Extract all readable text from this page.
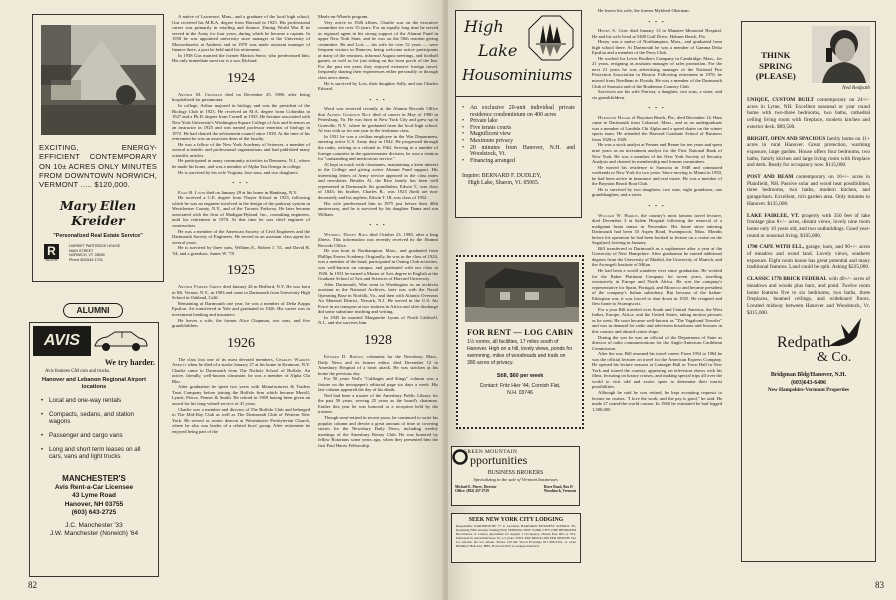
EXCITING, ENERGY-EFFICIENT CONTEMPORARY ON 10± ACRES ONLY MINUTES FROM DOWNTOWN NORWICH, VERMONT ..... $120,000.
Mary Ellen Kreider
"Personalized Real Estate Service"
R
REALTOR
HARRIET PARTRIDGE HOUSE
MAIN STREET
NORWICH, VT. 05055
Phone 802/649-1704
ALUMNI
AVIS
We try harder.
Avis features GM cars and trucks.
Hanover and Lebanon Regional Airport locations
• Local and one-way rentals
• Compacts, sedans, and station wagons
• Passenger and cargo vans
• Long and short term leases on all cars, vans and light trucks
MANCHESTER'S
Avis Rent-a-Car Licensee
43 Lyme Road
Hanover, NH 03755
(603) 643-2725
J.C. Manchester '33
J.W. Manchester (Norwich) '64
82

A native of Lawrence, Mass., and a graduate of the local high school, Gus received his M.B.A. degree from Harvard in 1925. His professional career was primarily in retailing and finance. During World War II he served in the Army for four years, during which he became a captain. In 1950 he was appointed university store manager at the University of Massachusetts at Amherst and in 1970 was made assistant manager of finance there, a post he held until his retirement.

In 1938 Gus married the former Marion Snow, who predeceased him. His only immediate survivor is a son, Richard.

1924

Arthur M. Crosman died on December 25, 1980, after being hospitalized for pneumonia.

In college, Arthur majored in biology and was the president of the Biology Club in 1923. He received an M.A. degree from Columbia in 1927 and a Ph.D. degree from Cornell in 1935. He became associated with New York University's Washington Square College of Arts and Sciences as an instructor in 1925 and was named professor emeritus of biology in 1972. He had chaired the advisement council since 1938. At the time of his retirement he was an associate dean of the faculty.

He was a fellow of the New York Academy of Sciences, a member of several scientific and professional organizations and had published many scientific articles.

He participated in many community activities in Demarest, N.J., where he made his home, and was a member of Alpha Tau Omega in college.

He is survived by his wife Virginia, four sons, and two daughters.

• • •

Evan B. Lyon died on January 29 at his home in Hamburg, N.Y.

He received a C.E. degree from Thayer School in 1925, following which he was an engineer involved in the design of the parkway system in Westchester County, N.Y., and of the Taconic Parkway. He later became associated with the firm of Madigan-Hyland, Inc., consulting engineers, until his retirement in 1970. At that time he was chief engineer of construction.

He was a member of the American Society of Civil Engineers and the Dartmouth Society of Engineers. He served as an assistant class agent for several years.

He is survived by three sons, William E., Robert J. '51, and David B. '54, and a grandson, James W. '78.

1925

Arthur Furber Green died January 26 in Bedford, N.Y. He was born in Mt. Vernon, N.Y., in 1903 and came to Dartmouth from University High School in Oakland, Calif.

Remaining at Dartmouth one year, he was a member of Delta Kappa Epsilon. Art transferred to Yale and graduated in 1926. His career was in investment banking and insurance.

He leaves a wife, the former Alice Chapman, two sons, and five grandchildren.

1926

The class lost one of its most devoted members, Charles Warren Abbott when he died of a stroke January 27 at his home in Kenmore, N.Y. Charlie came to Dartmouth from The Nichols School of Buffalo. An active, friendly, well-known classmate, he was a member of Alpha Chi Rho.

After graduation he spent two years with Manufacturers & Traders Trust Company before joining the Buffalo firm which became Merrill, Lynch, Pierce, Fenner & Smith. He retired in 1969 having been given an award for his long-valued service of 41 years.

Charlie was a member and director of The Buffalo Club and belonged to The Mid-Day Club as well as The Dartmouth Club of Western New York. He served as senior deacon at Westminster Presbyterian Church, where he also was leader of a related boys' group. After retirement he enjoyed being part of the

Meals-on-Wheels program.

Very active in 1926 affairs, Charlie was on the executive committee for over 15 years. For an equally long time he served as regional agent in his strong support of the Alumni Fund in upper New York State, and he was on the 50th reunion giving committee. He and Lois — his wife for over 52 years — were frequent visitors in Hanover, being welcome active participants at many of the reunions, informal August meetings, and football games, as well as for just sitting on the front porch of the Inn. For the past ten years they enjoyed extensive foreign travel, frequently sharing their experiences either personally or through class news items.

He is survived by Lois, their daughter Sally, and son Charles Edward.

• • •

Word was received recently at the Alumni Records Office that Alfred Goodson Rice died of cancer in May of 1980 in Petersburg, Va. He was born in New York City and grew up in Granville, N.Y., where he graduated from the local high school. Al was with us for one year in the freshman class.

In 1931 he was a civilian employee in the War Department, entering active U.S. Army duty in 1942. He progressed through the ranks, retiring as a colonel in 1962. Serving in a number of foreign countries in the quartermaster division, he won a citation for "outstanding and meritorious service."

Al kept in touch with classmates, maintaining a keen interest in the College and giving active Alumni Fund support. His interesting letters of Army service appeared in the class notes and newsletter. Besides Al, the Rice family has been well represented at Dartmouth: his grandfather, Edwin T., was class of 1843; his brother, Charles B., was 1923 (both are now deceased); and his nephew, Edwin T. III, was class of 1952.

His wife predeceased him in 1975 just before their 40th anniversary, and he is survived by his daughter Dama and son William.

• • •

Wendell Dewey Ross died October 23, 1980, after a long illness. This information was recently received by the Alumni Records Office.

He was born in Northampton, Mass., and graduated from Phillips Exeter Academy. Originally, he was in the class of 1924, was a member of the band, participated in Outing Club activities, was well-known on campus, and graduated with our class in 1926. In 1931 he earned a Master of Arts degree in English at the Graduate School of Arts and Sciences of Harvard University.

After Dartmouth, Wen went to Washington as an archivist assistant in the National Archives, later was with the Naval Operating Base in Norfolk, Va., and then with Atlantic Overseas Air Material District, Newark, N.J. He served in the U.S. Air Force in air transport at two stations in Africa and after discharge did some substitute teaching and writing.

In 1945 he married Marguerite Lyons of North Caldwell, N.J., and she survives him.

1928

Edward D. Brown, columnist for the Newsbury, Mass., Daily News and its former editor, died December 12 in Amesbury Hospital of a heart attack. He was stricken at his home the previous day.

For 50 years Ned's "Cabbages and Kings" column was a fixture on the newspaper's editorial page six days a week. His last column appeared the day of his death.

Ned had been a trustee of the Amesbury Public Library for the past 50 years, serving 25 years as the board's chairman. Earlier this year he was honored at a reception held by the trustees.

Though semi-retired in recent years, he continued to write his popular column and devote a great amount of time to covering stories for the Newsbury Daily News, including weekly meetings of the Amesbury Rotary Club. He was honored by fellow Rotarians some years ago, when they presented him the first Paul Harris Fellowship.

High
Lake
Housominiums
• An exclusive 20-unit individual private residence condominium on 400 acres
• Private lake
• Five tennis courts
• Magnificent view
• Maximum privacy
• 20 minutes from Hanover, N.H. and Woodstock, Vt.
• Financing arranged
Inquire: BERNARD F. DUDLEY,
High Lake, Sharon, Vt. 05065.
FOR RENT — LOG CABIN
1½ rooms, all facilities, 17 miles south of Hanover. High on a hill, lovely views, ponds for swimming, miles of woodroads and trails on 380 acres of privacy.
Still, $60 per week
Contact: Fritz Hier '44, Cornish Flat, N.H. 03746
GREEN MOUNTAIN
pportunities
BUSINESS BROKERS
Specializing in the sale of Vermont businesses
Michael E. Pierce, Director
Office: (802) 457-2729
River Road, Box D
Woodstock, Vermont
SEEK NEW YORK CITY LODGING
Responsible DARTMOUTH '77 to Graduate HARVARD BUSINESS SCHOOL '81, Rejoining Fifth Avenue Trading Firm SEEKING NEW YORK CITY ONE BEDROOM Brownstone or Luxury Apartment for August 1 Occupancy. Desire East 60's or 70's. Interested in rent/sublet/lease for 1-3 years. WILL PAY $600-$1,000 PER MONTH. Fee for referral. Do not smoke. Please call Mr. Wood Evenings 617-496-5431, or write Hamilton Hall A22, HBS, Boston 02163 to arrange interview.

He leaves his wife, the former Myldred Okerman.

• • •

Henry S. Gebe died January 13 in Manatee Memorial Hospital. He and his wife lived at 5400 Gulf Drive, Holmes Beach, Fla.

Henry was a native of Northampton, Mass., and graduated from high school there. At Dartmouth he was a member of Gamma Delta Epsilon and a member of the Press Club.

He worked for Lever Brothers Company in Cambridge, Mass., for 21 years, resigning as assistant manager of sales promotion. For the next 21 years he was advertising manager of the National Fire Protection Association in Boston. Following retirement in 1970, he moved from Needham to Florida. He was a member of the Dartmouth Club of Sarasota and of the Bradenton Country Club.

Survivors are his wife Patricia, a daughter, two sons, a sister, and six grandchildren.

• • •

Hamilton Hagar of Boynton Beach, Fla., died December 14. Ham came to Dartmouth from Cohasset, Mass., and as an undergraduate was a member of Lambda Chi Alpha and a speed skater on the winter sports team. He attended the Harvard Graduate School of Business from 1928 to 1929.

He was a stock analyst at Fenner and Beane for ten years and spent nine years as an investment analyst for the First National Bank of New York. He was a member of the New York Society of Security Analysts and chaired its membership and forums committees.

He moved his residence to Sarasota in 1948 and commuted weekends to New York for two years. Since moving to Miami in 1950, he had been active in insurance and real estate. He was a member of the Boynton Beach Boat Club.

He is survived by two daughters, two sons, eight grandsons, one granddaughter, and a sister.

• • •

William W. Harris, the country's most famous travel lecturer, died December 3 at Salem Hospital following the removal of a malignant brain tumor in November. His home since entering Dartmouth had been 33 Aspen Road, Swampscott, Mass. Months before his operation he had been booked to lecture on a cruise on the Sagafjord, leaving in January.

Bill transferred to Dartmouth as a sophomore after a year at the University of New Hampshire. After graduation he earned additional degrees from the University of Madrid, the University of Munich, and the Arcangeli Institute of Milan.

He had been a world wanderer ever since graduation. He worked for the Baker Platinum Company for seven years, traveling extensively in Europe and North Africa. He was the company's representative for Spain, Portugal, and Morocco and became president of the company's Italian subsidiary. But because of the Italian-Ethiopian war, it was forced to shut down in 1935. He resigned and flew home to Swampscott.

For a year Bill traveled over South and Central America, the West Indies, Europe, Africa, and the United States, taking motion pictures as he went. He soon became well-known as "The Vagabond Traveler" and was in demand for radio and television broadcasts and lectures in this country and aboard cruise ships.

During the war he was an official of the Department of State as director of radio communications for the Anglo-American Caribbean Commission.

After the war, Bill resumed his travel career. From 1954 to 1964 he was the official lecturer on travel for the American Express Company. He opened his lecture seasons at Carnegie Hall or Town Hall in New York and toured the country, appearing on television shows with his films, lecturing on luxury cruises, and making special trips all over the world to visit odd and exotic spots to determine their tourist possibilities.

Although he said he was retired, he kept accepting requests to lecture on cruises. "I love the work, and the pay is good," he said. He made 27 round-the-world cruises. In 1960 he estimated he had logged 1,500,000

THINK
SPRING
(PLEASE)
Ned Redpath
UNIQUE, CUSTOM BUILT contemporary on 24+/− acres in Lyme, NH. Excellent seasonal or year round home with two-three bedrooms, two baths, cathedral ceiling living room with fireplace, modern kitchen and exterior deck. $89,500.
BRIGHT, OPEN AND SPACIOUS family home on 11+ acres in rural Hanover. Great protection, warming exposure, large garden. House offers four bedrooms, two baths, family kitchen and large living room with fireplace and deck. Ready for occupancy now. $115,000.
POST AND BEAM contemporary on 10+/− acres in Plainfield, NH. Passive solar and wood heat possibilities, three bedrooms, two baths, modern kitchen, and garage/barn. Excellent, rich garden area. Only minutes to Hanover. $135,000.
LAKE FAIRLEE, VT. property with 350 feet of lake frontage plus 8+/− acres, distant views, lovely nine room home only 10 years old, and two outbuildings. Good year-round or seasonal living. $165,000.
1790 CAPE WITH ELL, garage, barn, and 90+/− acres of meadow and wood land. Lovely views, southern exposure. Eight room house has great potential and many traditional features. Land could be split. Asking $225,000.
CLASSIC 1778 BRICK FEDERAL with 40+/− acres of meadows and woods plus barn, and pond. Twelve room home features five to six bedrooms, two baths, three fireplaces, beamed ceilings, and wideboard floors. Located midway between Hanover and Woodstock, Vt. $315,000.
Redpath
& Co.
Bridgman Bldg/Hanover, N.H.
(603)643-6406
New Hampshire-Vermont Properties
83
